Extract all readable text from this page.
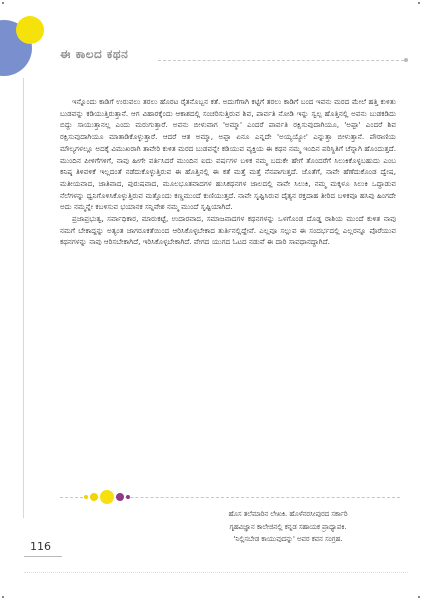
ಈ ಕಾಲದ ಕಥನ

ಇನ್ನೊಂದು ಕಾಡಿಗೆ ಉರುವಲು ತರಲು ಹೊರಟ ರೈತನೊಬ್ಬನ ಕತೆ. ಅದುಗೆಗಾಗಿ ಕಟ್ಟಿಗೆ ತರಲು ಕಾಡಿಗೆ ಬಂದ ಇವನು ಮರದ ಮೇಲೆ ಹತ್ತಿ ಕುಳಿತು ಬುಡವನ್ನು ಕಡಿಯುತ್ತಿರುತ್ತಾನೆ. ಆಗ ವಿಹಾರಕ್ಕೆಂದು ಆಕಾಶದಲ್ಲಿ ಸಂಚರಿಸುತ್ತಿರುವ ಶಿವ, ಪಾರ್ವತಿ ನೋಡಿ ಇನ್ನು ಸ್ವಲ್ಪ ಹೊತ್ತಿನಲ್ಲಿ ಅವನು ಬುಡಕಡಿದು ಬಿದ್ದು ಸಾಯುತ್ತಾನಲ್ಲ ಎಂದು ಮರುಗುತ್ತಾರೆ. ಅವನು ಬೀಳುವಾಗ 'ಅಮ್ಮಾ' ಎಂದರೆ ಪಾರ್ವತಿ ರಕ್ಷಿಸುವುದಾಗಿಯೂ, 'ಅಪ್ಪಾ' ಎಂದರೆ ಶಿವ ರಕ್ಷಿಸುವುದಾಗಿಯೂ ಮಾತಾಡಿಕೊಳ್ಳುತ್ತಾರೆ. ಆದರೆ ಆತ ಅಮ್ಮಾ, ಅಪ್ಪಾ ಏನೂ ಎನ್ನದೇ 'ಅಯ್ಯಯ್ಯೋ' ಎನ್ನುತ್ತಾ ಬೀಳುತ್ತಾನೆ. ಪೌರಾಣಿಯ ಮೌಲ್ಯಗಳಲ್ಲೂ ಅದಕ್ಕೆ ವಿಮುಖರಾಗಿ ತಾವೇರಿ ಕುಳಿತ ಮರದ ಬುಡವನ್ನೇ ಕಡಿಯುವ ವ್ಯಕ್ತಿಯ ಈ ಕಥನ ನಮ್ಮ ಇಂದಿನ ಪರಿಸ್ಥಿತಿಗೆ ಚೆನ್ನಾಗಿ ಹೊಂದುತ್ತದೆ. ಮುಂದಿನ ಪೀಳಿಗೆಗಳಿಗೆ, ನಾವು ಹೀಗೇ ವರ್ತಿಸಿದರೆ ಮುಂದಿನ ಐದು ವರ್ಷಗಳ ಬಳಿಕ ನಮ್ಮ ಬದುಕೇ ಹೇಗೆ ತೊಂದರೆಗೆ ಸಿಲುಕಿಕೊಳ್ಳಬಹುದು ಎಂಬ ಕನಿಷ್ಠ ತಿಳಿವಳಿಕೆ ಇಲ್ಲದಂತೆ ನಡೆದುಕೊಳ್ಳುತ್ತಿರುವ ಈ ಹೊತ್ತಿನಲ್ಲಿ ಈ ಕತೆ ಮತ್ತೆ ಮತ್ತೆ ನೆನಪಾಗುತ್ತದೆ. ಜೊತೆಗೆ, ನಾವೇ ಹೆಣೆದುಕೊಂಡ ದ್ವೇಷ, ಮತೀಯವಾದ, ಜಾತಿವಾದ, ಪುರುಷವಾದ, ಮೂಲಭೂತವಾದಗಳ ಹುಸಿಕಥನಗಳ ಜಾಲದಲ್ಲಿ ನಾವೇ ಸಿಲುಕಿ, ನಮ್ಮ ಮಕ್ಕಳೂ ಸಿಲುಕಿ ಒದ್ದಾಡುವ ನೆಲೆಗಳನ್ನು ಧ್ವನಿಗೊಳಿಸಿಕೊಳ್ಳುತ್ತಿರುವ ಮತ್ತೊಂದು ಕಣ್ಣಮುಂದೆ ಕುಣಿಯುತ್ತದೆ. ನಾವೇ ಸೃಷ್ಟಿಸಿರುವ ದೈತ್ಯನ ರಕ್ತದಾಹ ತೀರಿದ ಬಳಿಕವೂ ಹಸಿವು ಹಿಂಗದೇ ಅದು ನಮ್ಮನ್ನೇ ಕಬಳಿಸುವ ಭಯಾನಕ ಸನ್ನಿವೇಶ ನಮ್ಮ ಮುಂದೆ ಸೃಷ್ಟಿಯಾಗಿದೆ.

ಪ್ರಜಾಪ್ರಭುತ್ವ, ಸರ್ವಾಧಿಕಾರ, ಮಾರುಕಟ್ಟೆ, ಉದಾರವಾದ, ಸಮಾಜವಾದಗಳ ಕಥನಗಳನ್ನು ಒಳಗೊಂಡ ದೊಡ್ಡ ರಾಶಿಯ ಮುಂದೆ ಕುಳಿತ ನಾವು ನಮಗೆ ಬೇಕಾದ್ದನ್ನು ಅತ್ಯಂತ ಜಾಗರೂಕತೆಯಿಂದ ಆರಿಸಿಕೊಳ್ಳಬೇಕಾದ ತುರ್ತಿನಲ್ಲಿದ್ದೇವೆ. ಎಲ್ಲವೂ ಸಲ್ಲುವ ಈ ಸಂದರ್ಭದಲ್ಲಿ ಎಲ್ಲರನ್ನೂ ಪೊರೆಯುವ ಕಥನಗಳನ್ನು ನಾವು ಆರಿಸಬೇಕಾಗಿದೆ, ಇರಿಸಿಕೊಳ್ಳಬೇಕಾಗಿದೆ. ವೇಗದ ಯುಗದ ಓಟದ ನಡುವೆ ಈ ದಾರಿ ಸಾವಧಾನದ್ದಾಗಿದೆ.

ಹೊಸ ತಲೆಮಾರಿನ ಲೇಖಕಿ. ಹೊಳೆನರಸೀಪುರದ ಸರ್ಕಾರಿ
ಗೃಹವಿಜ್ಞಾನ ಕಾಲೇಜಿನಲ್ಲಿ ಕನ್ನಡ ಸಹಾಯಕ ಪ್ರಾಧ್ಯಾಪಕಿ.
'ನಿಲ್ಲಿಸಬೇಡ ಕಾಯುವುದನ್ನು' ಅವರ ಕವನ ಸಂಗ್ರಹ.
116
